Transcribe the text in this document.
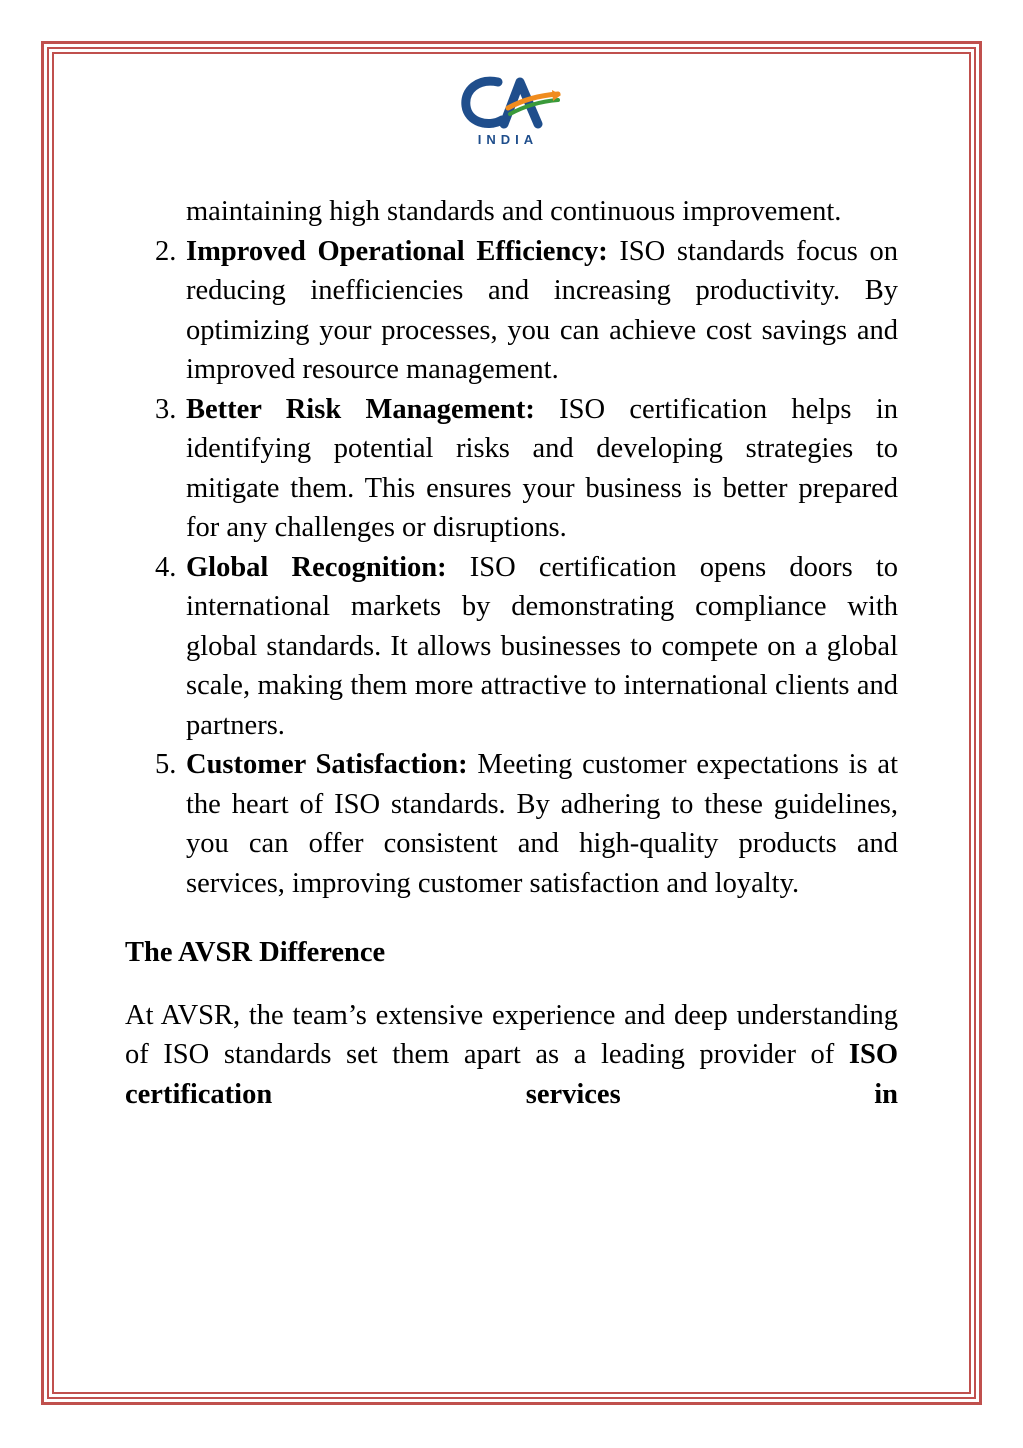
INDIA

maintaining high standards and continuous improvement.

2. Improved Operational Efficiency: ISO standards focus on reducing inefficiencies and increasing productivity. By optimizing your processes, you can achieve cost savings and improved resource management.

3. Better Risk Management: ISO certification helps in identifying potential risks and developing strategies to mitigate them. This ensures your business is better prepared for any challenges or disruptions.

4. Global Recognition: ISO certification opens doors to international markets by demonstrating compliance with global standards. It allows businesses to compete on a global scale, making them more attractive to international clients and partners.

5. Customer Satisfaction: Meeting customer expectations is at the heart of ISO standards. By adhering to these guidelines, you can offer consistent and high-quality products and services, improving customer satisfaction and loyalty.

The AVSR Difference

At AVSR, the team’s extensive experience and deep understanding of ISO standards set them apart as a leading provider of ISO certification services in
